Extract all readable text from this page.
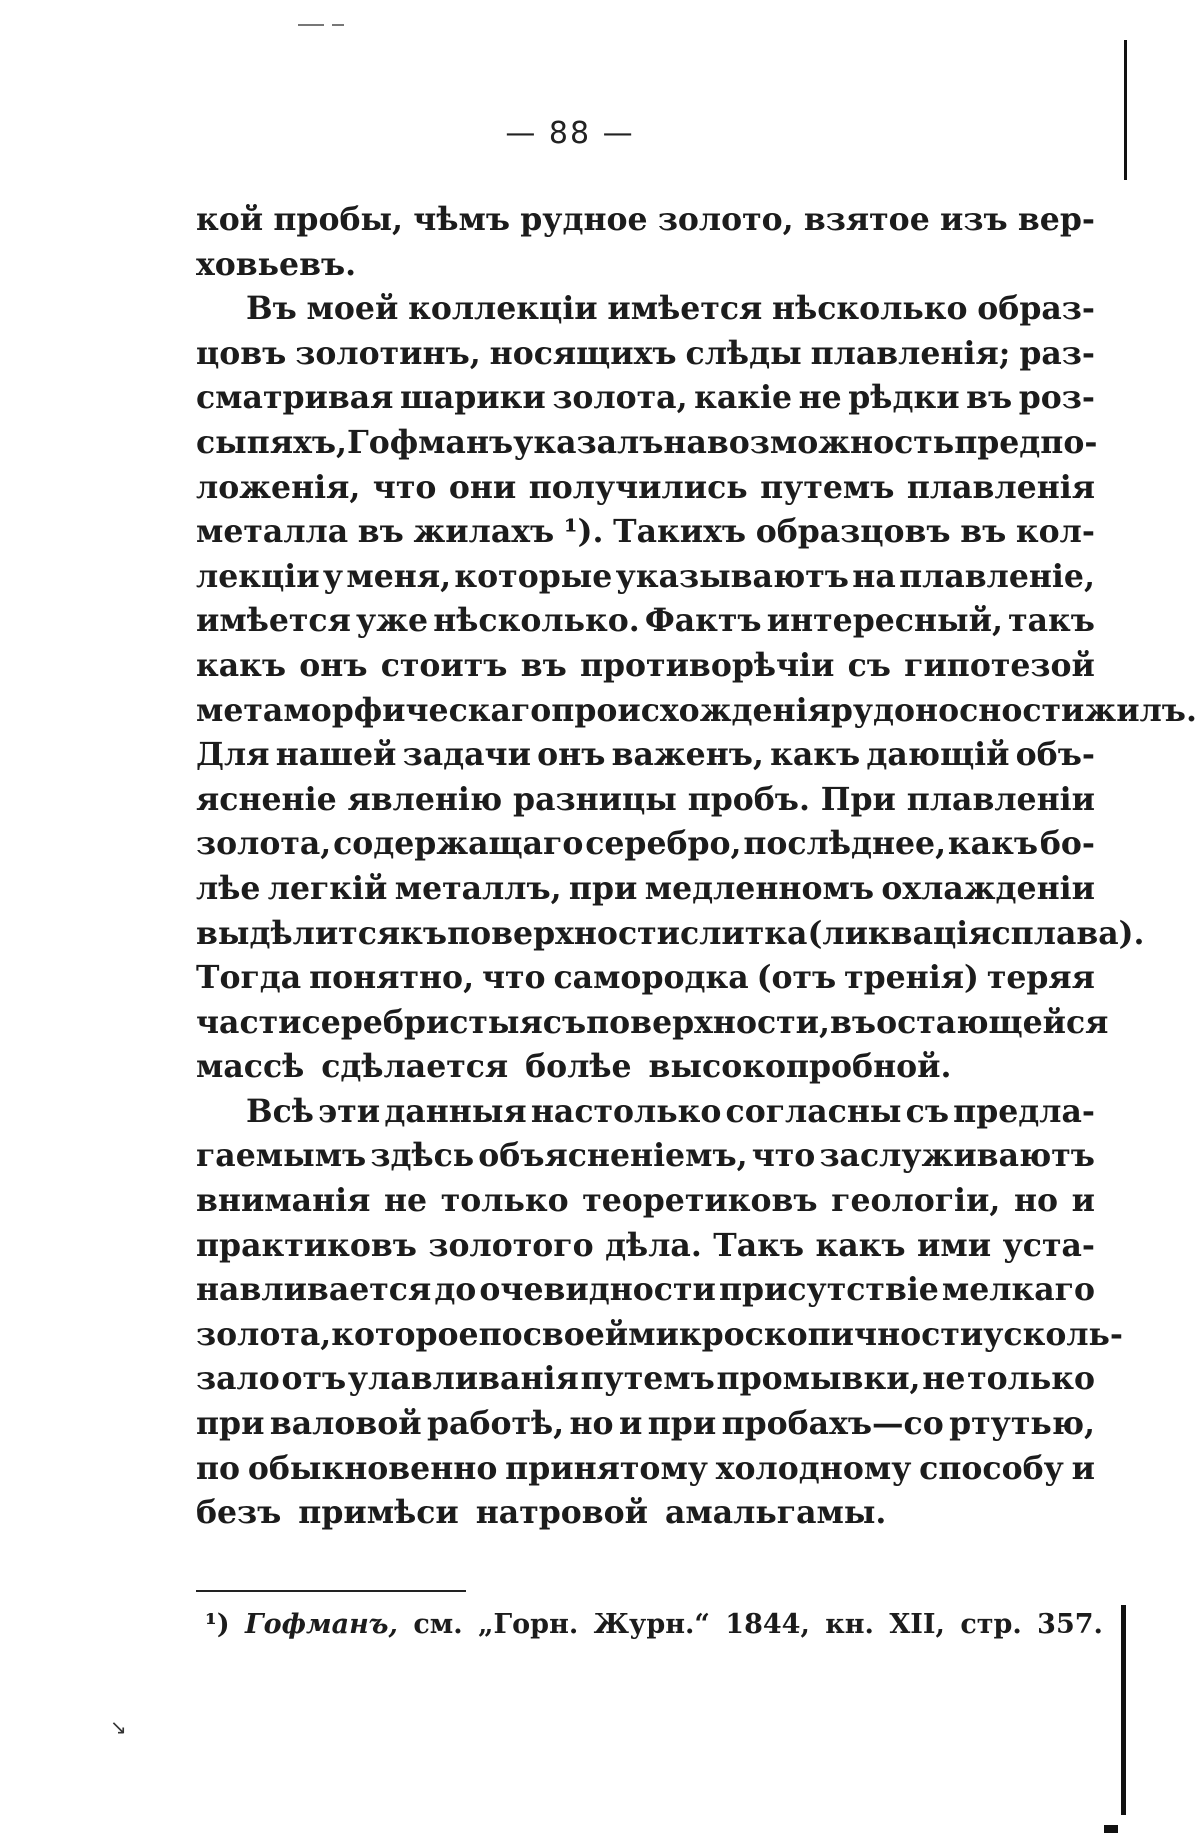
— 88 —
кой пробы, чѣмъ рудное золото, взятое изъ вер-
ховьевъ.
Въ моей коллекціи имѣется нѣсколько образ-
цовъ золотинъ, носящихъ слѣды плавленія; раз-
сматривая шарики золота, какіе не рѣдки въ роз-
сыпяхъ, Гофманъ указалъ на возможность предпо-
ложенія, что они получились путемъ плавленія
металла въ жилахъ ¹). Такихъ образцовъ въ кол-
лекціи у меня, которые указываютъ на плавленіе,
имѣется уже нѣсколько. Фактъ интересный, такъ
какъ онъ стоитъ въ противорѣчіи съ гипотезой
метаморфическаго происхожденія рудоносности жилъ.
Для нашей задачи онъ важенъ, какъ дающій объ-
ясненіе явленію разницы пробъ. При плавленіи
золота, содержащаго серебро, послѣднее, какъ бо-
лѣе легкій металлъ, при медленномъ охлажденіи
выдѣлится къ поверхности слитка (ликвація сплава).
Тогда понятно, что самородка (отъ тренія) теряя
части серебристыя съ поверхности, въ остающейся
массѣ сдѣлается болѣе высокопробной.
Всѣ эти данныя настолько согласны съ предла-
гаемымъ здѣсь объясненіемъ, что заслуживаютъ
вниманія не только теоретиковъ геологіи, но и
практиковъ золотого дѣла. Такъ какъ ими уста-
навливается до очевидности присутствіе мелкаго
золота, которое по своей микроскопичности усколь-
зало отъ улавливанія путемъ промывки, не только
при валовой работѣ, но и при пробахъ—со ртутью,
по обыкновенно принятому холодному способу и
безъ примѣси натровой амальгамы.
¹) Гофманъ, см. „Горн. Журн.“ 1844, кн. XII, стр. 357.
↘
